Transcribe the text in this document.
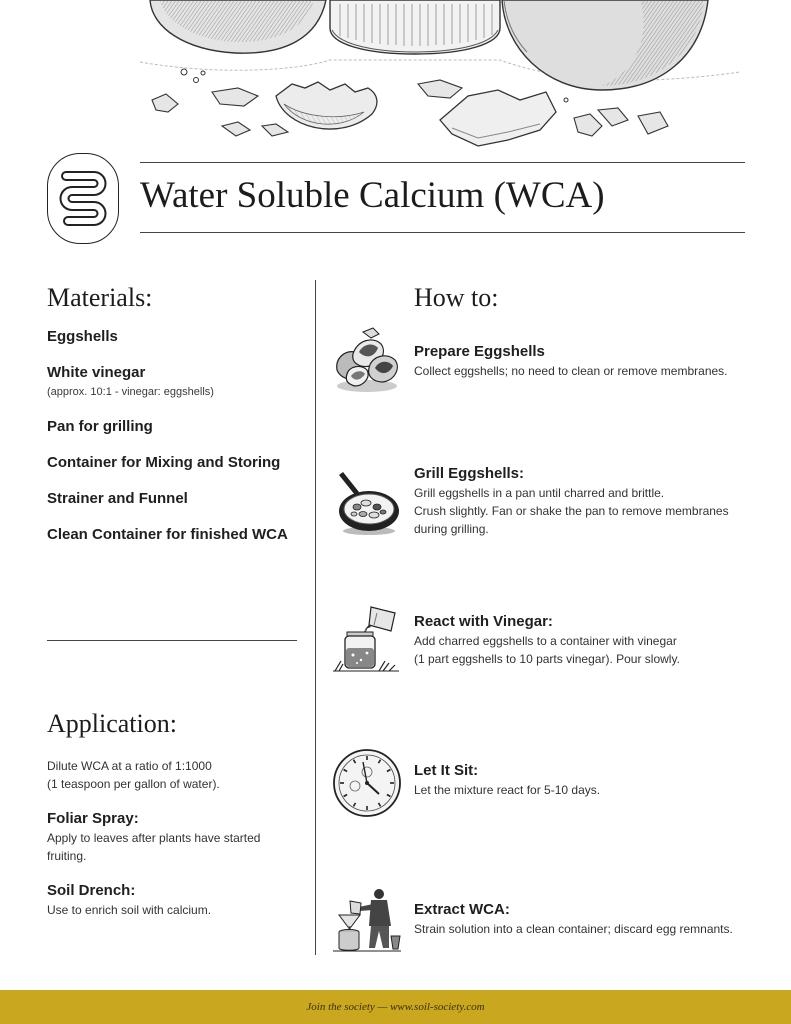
Water Soluble Calcium (WCA)
Materials:
Eggshells
White vinegar
(approx. 10:1 - vinegar: eggshells)
Pan for grilling
Container for Mixing and Storing
Strainer and Funnel
Clean Container for finished WCA
Application:
Dilute WCA at a ratio of 1:1000
(1 teaspoon per gallon of water).
Foliar Spray:
Apply to leaves after plants have started
fruiting.
Soil Drench:
Use to enrich soil with calcium.
How to:
Prepare Eggshells
Collect eggshells; no need to clean or remove membranes.
Grill Eggshells:
Grill eggshells in a pan until charred and brittle.
Crush slightly. Fan or shake the pan to remove membranes
during grilling.
React with Vinegar:
Add charred eggshells to a container with vinegar
(1 part eggshells to 10 parts vinegar). Pour slowly.
Let It Sit:
Let the mixture react for 5-10 days.
Extract WCA:
Strain solution into a clean container; discard egg remnants.
Join the society — www.soil-society.com
